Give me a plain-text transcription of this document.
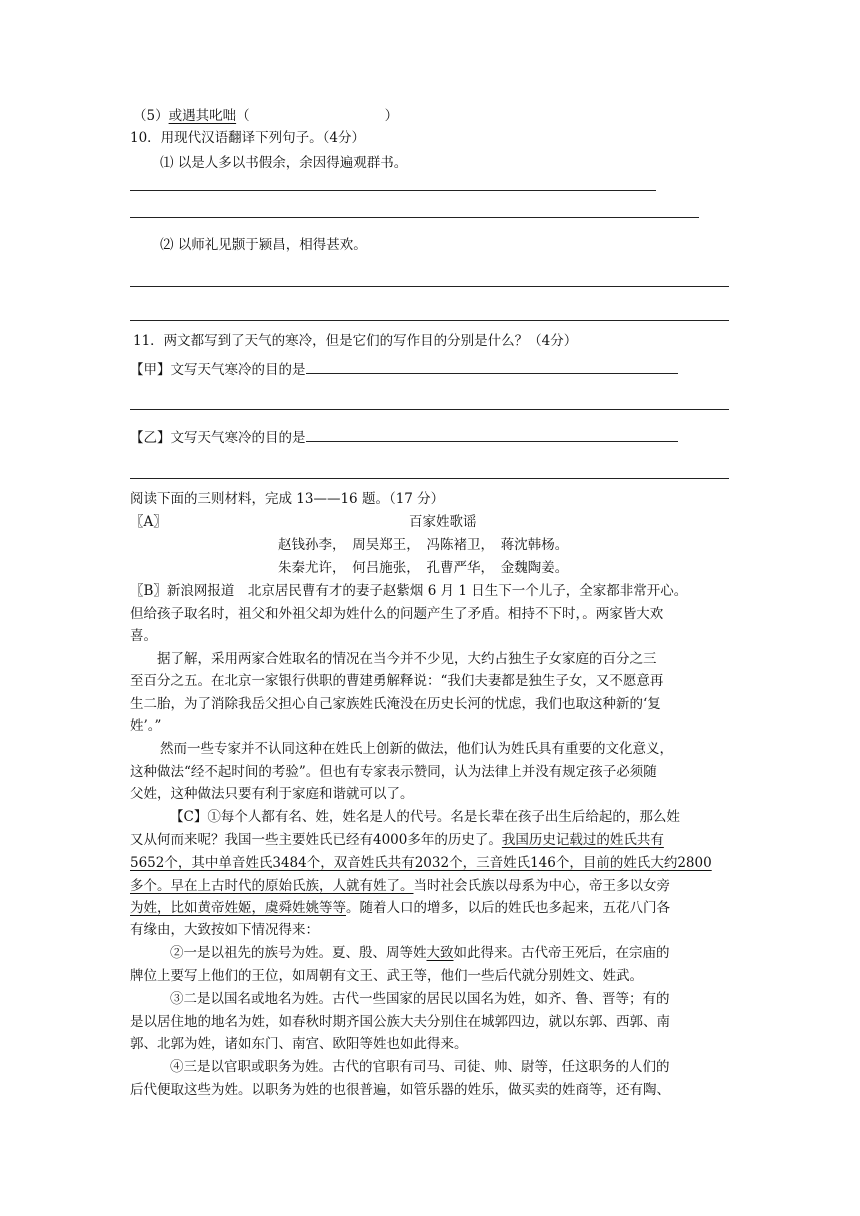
（5）或遇其叱咄（　　　　　　　　　　）
10．用现代汉语翻译下列句子。（4分）
⑴ 以是人多以书假余，余因得遍观群书。
⑵ 以师礼见颢于颍昌，相得甚欢。
11．两文都写到了天气的寒冷，但是它们的写作目的分别是什么？（4分）
【甲】文写天气寒冷的目的是
【乙】文写天气寒冷的目的是
阅读下面的三则材料，完成 13——16 题。（17 分）
〖A〗	百家姓歌谣
赵钱孙李，　周吴郑王，　冯陈褚卫，　蒋沈韩杨。
朱秦尤许，　何吕施张，　孔曹严华，　金魏陶姜。
〖B〗新浪网报道　北京居民曹有才的妻子赵紫烟 6 月 1 日生下一个儿子，全家都非常开心。
但给孩子取名时，祖父和外祖父却为姓什么的问题产生了矛盾。相持不下时，。两家皆大欢
喜。
据了解，采用两家合姓取名的情况在当今并不少见，大约占独生子女家庭的百分之三
至百分之五。在北京一家银行供职的曹建勇解释说：“我们夫妻都是独生子女，又不愿意再
生二胎，为了消除我岳父担心自己家族姓氏淹没在历史长河的忧虑，我们也取这种新的‘复
姓’。”
然而一些专家并不认同这种在姓氏上创新的做法，他们认为姓氏具有重要的文化意义，
这种做法“经不起时间的考验”。但也有专家表示赞同，认为法律上并没有规定孩子必须随
父姓，这种做法只要有利于家庭和谐就可以了。
【C】①每个人都有名、姓，姓名是人的代号。名是长辈在孩子出生后给起的，那么姓
又从何而来呢？我国一些主要姓氏已经有4000多年的历史了。我国历史记载过的姓氏共有
5652个，其中单音姓氏3484个，双音姓氏共有2032个，三音姓氏146个，目前的姓氏大约2800
多个。早在上古时代的原始氏族，人就有姓了。当时社会氏族以母系为中心，帝王多以女旁
为姓，比如黄帝姓姬，虞舜姓姚等等。随着人口的增多，以后的姓氏也多起来，五花八门各
有缘由，大致按如下情况得来：
②一是以祖先的族号为姓。夏、殷、周等姓大致如此得来。古代帝王死后，在宗庙的
牌位上要写上他们的王位，如周朝有文王、武王等，他们一些后代就分别姓文、姓武。
③二是以国名或地名为姓。古代一些国家的居民以国名为姓，如齐、鲁、晋等；有的
是以居住地的地名为姓，如春秋时期齐国公族大夫分别住在城郭四边，就以东郭、西郭、南
郭、北郭为姓，诸如东门、南宫、欧阳等姓也如此得来。
④三是以官职或职务为姓。古代的官职有司马、司徒、帅、尉等，任这职务的人们的
后代便取这些为姓。以职务为姓的也很普遍，如管乐器的姓乐，做买卖的姓商等，还有陶、
